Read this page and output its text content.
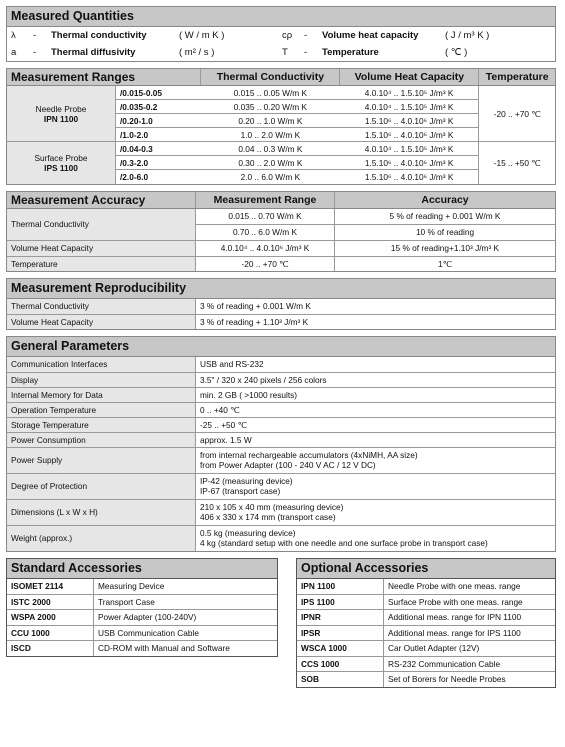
Measured Quantities
λ	-	Thermal conductivity	( W / m K )	cρ	-	Volume heat capacity	( J / m³ K )
a	-	Thermal diffusivity	( m² / s )	T	-	Temperature	( ℃ )
Measurement Ranges		Thermal Conductivity	Volume Heat Capacity	Temperature

Needle Probe
IPN 1100	/0.015-0.05	0.015 .. 0.05 W/m K	4.0.10⁴ .. 1.5.10⁵ J/m³ K	-20 .. +70 ℃
	/0.035-0.2	0.035 .. 0.20 W/m K	4.0.10⁴ .. 1.5.10⁵ J/m³ K	
	/0.20-1.0	0.20 .. 1.0 W/m K	1.5.10⁶ .. 4.0.10⁶ J/m³ K	
	/1.0-2.0	1.0 .. 2.0 W/m K	1.5.10⁶ .. 4.0.10⁶ J/m³ K	

Surface Probe
IPS 1100	/0.04-0.3	0.04 .. 0.3 W/m K	4.0.10⁴ .. 1.5.10⁵ J/m³ K	-15 .. +50 ℃
	/0.3-2.0	0.30 .. 2.0 W/m K	1.5.10⁶ .. 4.0.10⁶ J/m³ K	
	/2.0-6.0	2.0 .. 6.0 W/m K	1.5.10⁶ .. 4.0.10⁶ J/m³ K	
Measurement Accuracy	Measurement Range	Accuracy
Thermal Conductivity	0.015 .. 0.70 W/m K	5 % of reading + 0.001 W/m K
	0.70 .. 6.0 W/m K	10 % of reading
Volume Heat Capacity	4.0.10⁴ .. 4.0.10⁶ J/m³ K	15 % of reading+1.10³ J/m³ K
Temperature	-20 .. +70 ℃	1℃
Measurement Reproducibility
Thermal Conductivity	3 % of reading + 0.001 W/m K
Volume Heat Capacity	3 % of reading + 1.10³ J/m³ K
General Parameters
Communication Interfaces	USB and RS-232
Display	3.5" / 320 x 240 pixels / 256 colors
Internal Memory for Data	min. 2 GB ( >1000 results)
Operation Temperature	0 .. +40 ℃
Storage Temperature	-25 .. +50 ℃
Power Consumption	approx. 1.5 W
Power Supply	from internal rechargeable accumulators (4xNiMH, AA size)
from Power Adapter (100 - 240 V AC / 12 V DC)

Degree of Protection	IP-42 (measuring device)
IP-67 (transport case)

Dimensions (L x W x H)	210 x 105 x 40 mm (measuring device)
406 x 330 x 174 mm (transport case)

Weight (approx.)	0.5 kg (measuring device)
4 kg (standard setup with one needle and one surface probe in transport case)
Standard Accessories
ISOMET 2114	Measuring Device
ISTC 2000	Transport Case
WSPA 2000	Power Adapter (100-240V)
CCU 1000	USB Communication Cable
ISCD	CD-ROM with Manual and Software
Optional Accessories
IPN 1100	Needle Probe with one meas. range
IPS 1100	Surface Probe with one meas. range
IPNR	Additional meas. range for IPN 1100
IPSR	Additional meas. range for IPS 1100
WSCA 1000	Car Outlet Adapter (12V)
CCS 1000	RS-232 Communication Cable
SOB	Set of Borers for Needle Probes
